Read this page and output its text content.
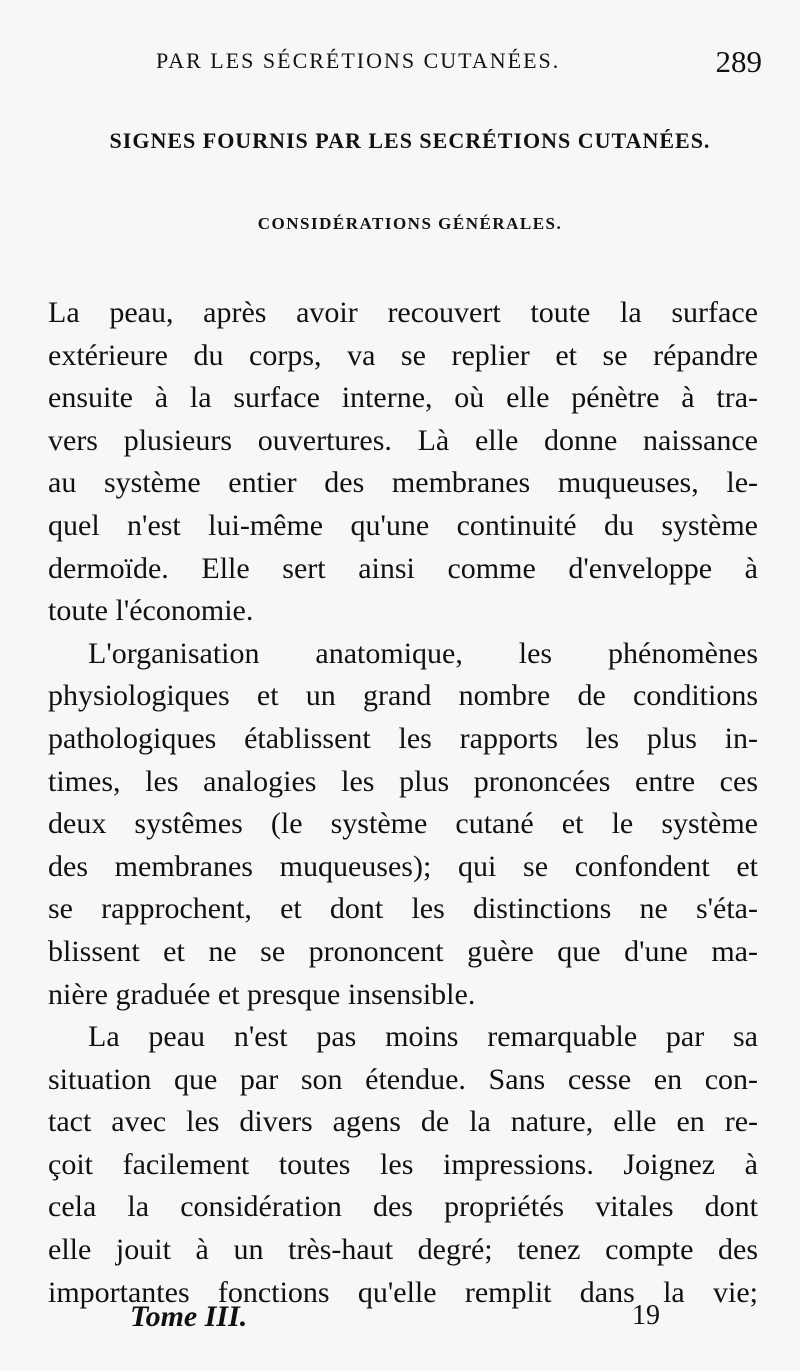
PAR LES SÉCRÉTIONS CUTANÉES.	289
SIGNES FOURNIS PAR LES SECRÉTIONS CUTANÉES.
CONSIDÉRATIONS GÉNÉRALES.
La peau, après avoir recouvert toute la surface
extérieure du corps, va se replier et se répandre
ensuite à la surface interne, où elle pénètre à tra-
vers plusieurs ouvertures. Là elle donne naissance
au système entier des membranes muqueuses, le-
quel n'est lui-même qu'une continuité du système
dermoïde. Elle sert ainsi comme d'enveloppe à
toute l'économie.
L'organisation anatomique, les phénomènes
physiologiques et un grand nombre de conditions
pathologiques établissent les rapports les plus in-
times, les analogies les plus prononcées entre ces
deux systêmes (le système cutané et le système
des membranes muqueuses); qui se confondent et
se rapprochent, et dont les distinctions ne s'éta-
blissent et ne se prononcent guère que d'une ma-
nière graduée et presque insensible.
La peau n'est pas moins remarquable par sa
situation que par son étendue. Sans cesse en con-
tact avec les divers agens de la nature, elle en re-
çoit facilement toutes les impressions. Joignez à
cela la considération des propriétés vitales dont
elle jouit à un très-haut degré; tenez compte des
importantes fonctions qu'elle remplit dans la vie;
Tome III.	19
